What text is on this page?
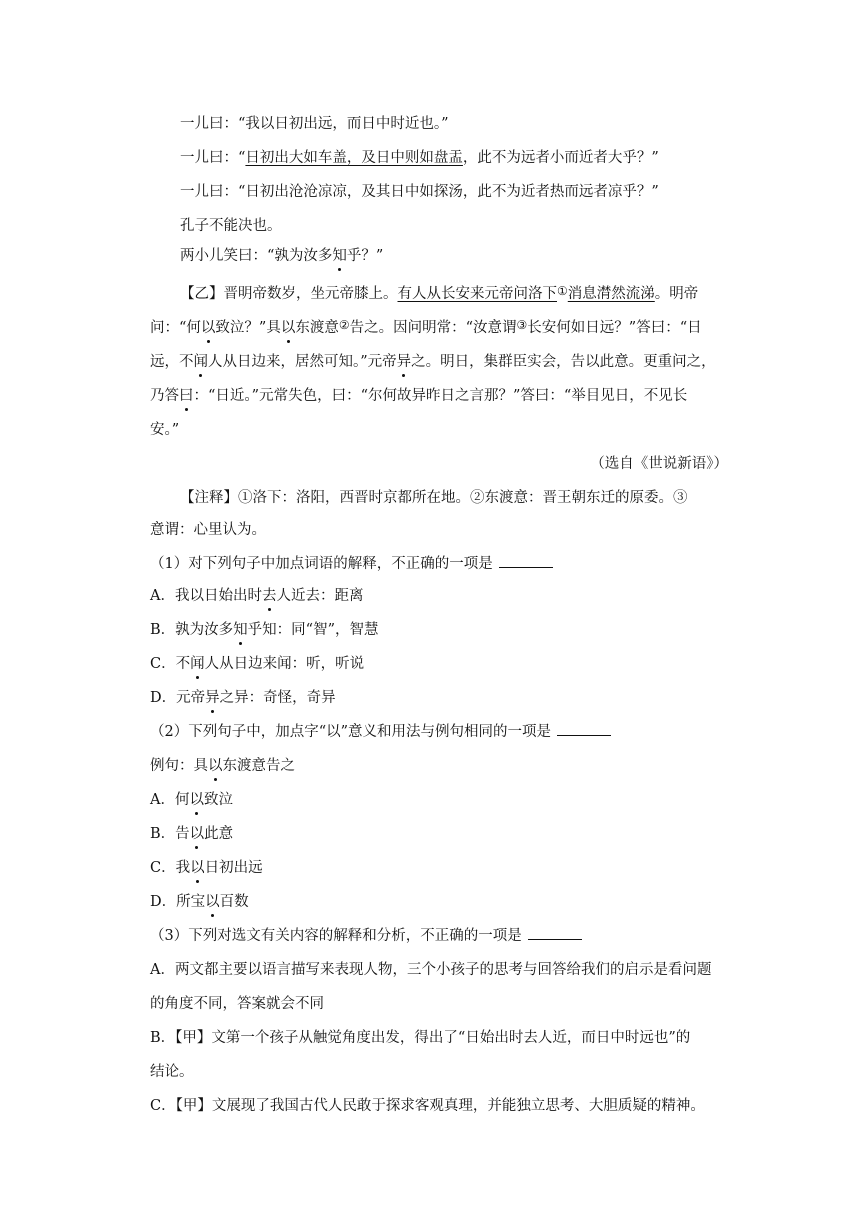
一儿曰：“我以日初出远，而日中时近也。”
一儿曰：“日初出大如车盖，及日中则如盘盂，此不为远者小而近者大乎？”
一儿曰：“日初出沧沧凉凉，及其日中如探汤，此不为近者热而远者凉乎？”
孔子不能决也。
两小儿笑曰：“孰为汝多知乎？”
【乙】晋明帝数岁，坐元帝膝上。有人从长安来元帝问洛下①消息潸然流涕。明帝
问：“何以致泣？”具以东渡意②告之。因问明常：“汝意谓③长安何如日远？”答曰：“日
远，不闻人从日边来，居然可知。”元帝异之。明日，集群臣实会，告以此意。更重问之，
乃答曰：“日近。”元常失色，曰：“尔何故异昨日之言那？”答曰：“举目见日，不见长
安。”
（选自《世说新语》）
【注释】①洛下：洛阳，西晋时京都所在地。②东渡意：晋王朝东迁的原委。③
意谓：心里认为。
（1）对下列句子中加点词语的解释，不正确的一项是
A．我以日始出时去人近去：距离
B．孰为汝多知乎知：同“智”，智慧
C．不闻人从日边来闻：听，听说
D．元帝异之异：奇怪，奇异
（2）下列句子中，加点字“以”意义和用法与例句相同的一项是
例句：具以东渡意告之
A．何以致泣
B．告以此意
C．我以日初出远
D．所宝以百数
（3）下列对选文有关内容的解释和分析，不正确的一项是
A．两文都主要以语言描写来表现人物，三个小孩子的思考与回答给我们的启示是看问题
的角度不同，答案就会不同
B．【甲】文第一个孩子从触觉角度出发，得出了“日始出时去人近，而日中时远也”的
结论。
C．【甲】文展现了我国古代人民敢于探求客观真理，并能独立思考、大胆质疑的精神。
